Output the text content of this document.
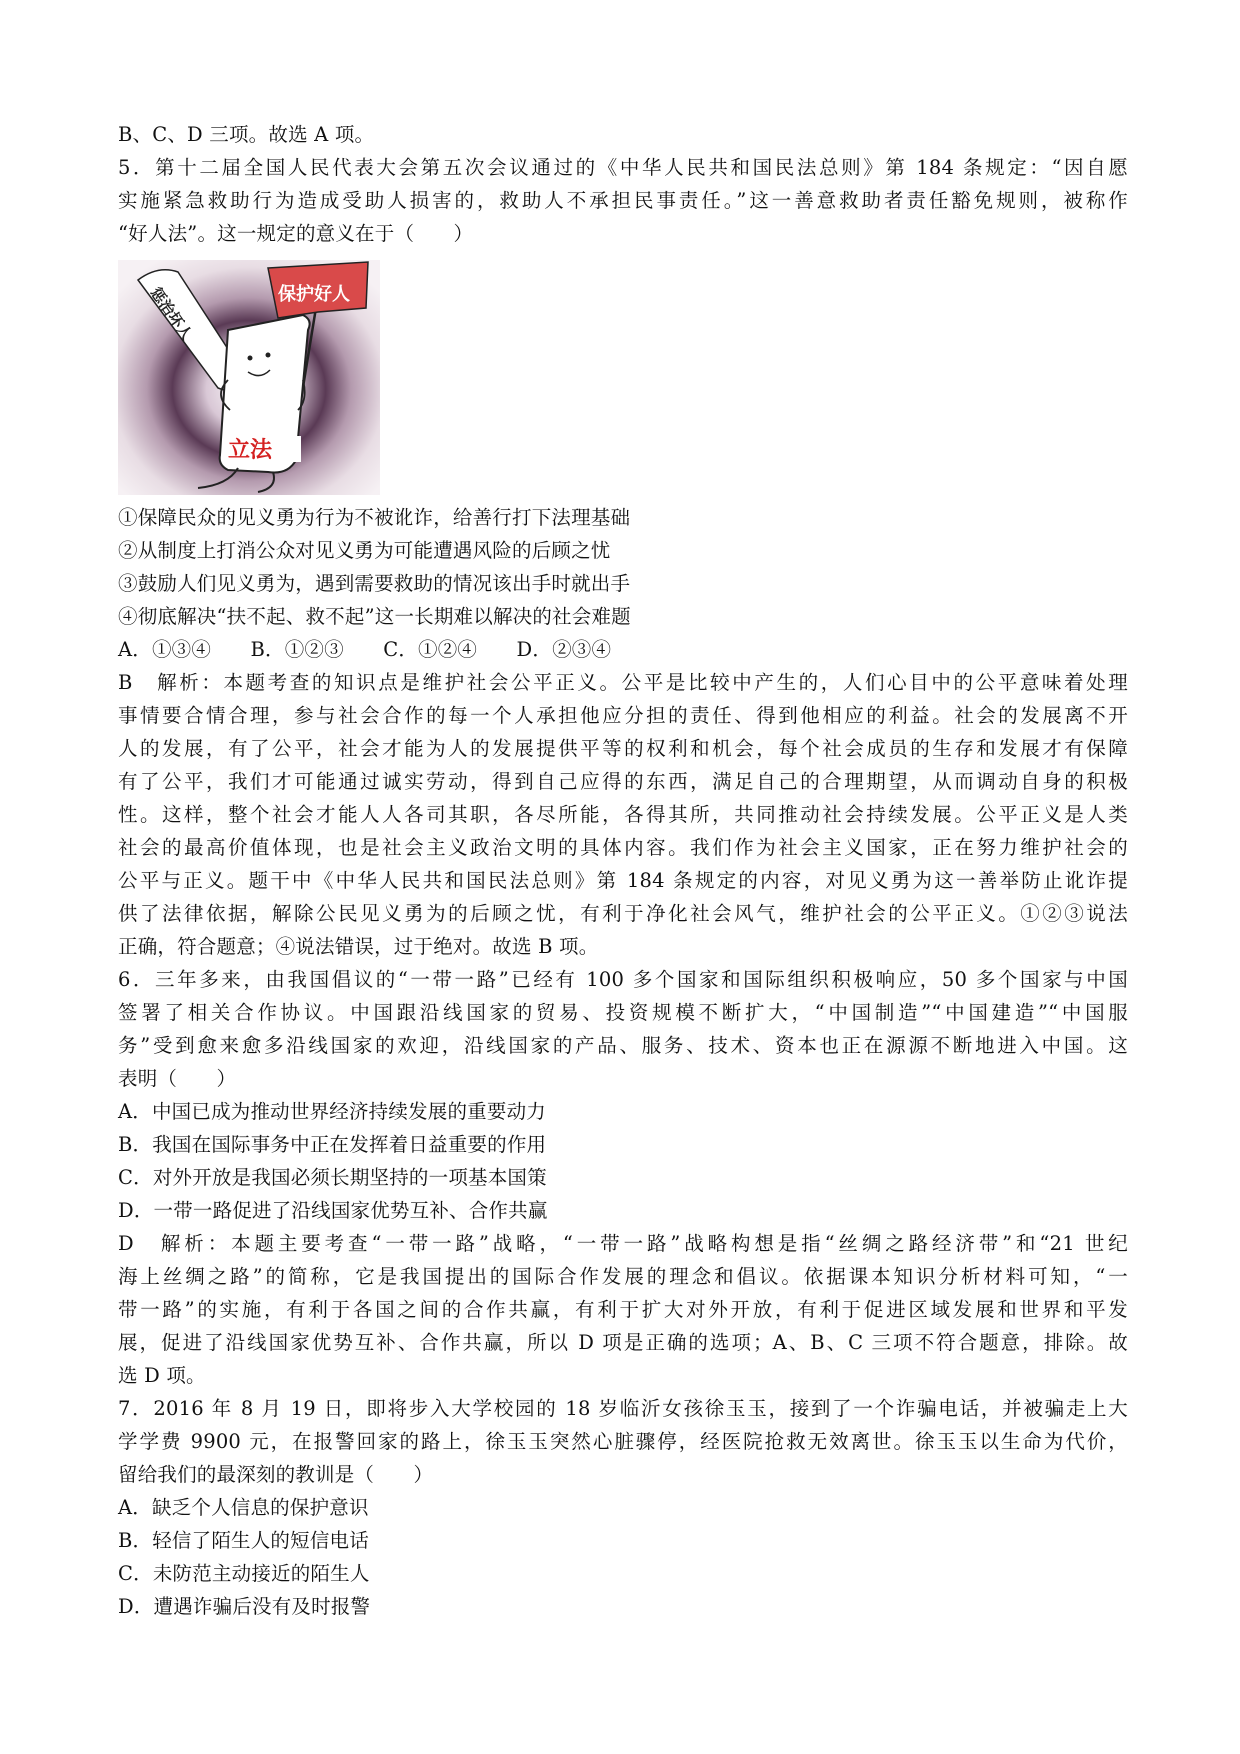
B、C、D 三项。故选 A 项。
5．第十二届全国人民代表大会第五次会议通过的《中华人民共和国民法总则》第 184 条规定：“因自愿
实施紧急救助行为造成受助人损害的，救助人不承担民事责任。”这一善意救助者责任豁免规则，被称作
“好人法”。这一规定的意义在于（　　）
保护好人
惩治坏人
立法
①保障民众的见义勇为行为不被讹诈，给善行打下法理基础
②从制度上打消公众对见义勇为可能遭遇风险的后顾之忧
③鼓励人们见义勇为，遇到需要救助的情况该出手时就出手
④彻底解决“扶不起、救不起”这一长期难以解决的社会难题
A．①③④　　B．①②③　　C．①②④　　D．②③④
B　解析：本题考查的知识点是维护社会公平正义。公平是比较中产生的，人们心目中的公平意味着处理
事情要合情合理，参与社会合作的每一个人承担他应分担的责任、得到他相应的利益。社会的发展离不开
人的发展，有了公平，社会才能为人的发展提供平等的权利和机会，每个社会成员的生存和发展才有保障
有了公平，我们才可能通过诚实劳动，得到自己应得的东西，满足自己的合理期望，从而调动自身的积极
性。这样，整个社会才能人人各司其职，各尽所能，各得其所，共同推动社会持续发展。公平正义是人类
社会的最高价值体现，也是社会主义政治文明的具体内容。我们作为社会主义国家，正在努力维护社会的
公平与正义。题干中《中华人民共和国民法总则》第 184 条规定的内容，对见义勇为这一善举防止讹诈提
供了法律依据，解除公民见义勇为的后顾之忧，有利于净化社会风气，维护社会的公平正义。①②③说法
正确，符合题意；④说法错误，过于绝对。故选 B 项。
6．三年多来，由我国倡议的“一带一路”已经有 100 多个国家和国际组织积极响应，50 多个国家与中国
签署了相关合作协议。中国跟沿线国家的贸易、投资规模不断扩大，“中国制造”“中国建造”“中国服
务”受到愈来愈多沿线国家的欢迎，沿线国家的产品、服务、技术、资本也正在源源不断地进入中国。这
表明（　　）
A．中国已成为推动世界经济持续发展的重要动力
B．我国在国际事务中正在发挥着日益重要的作用
C．对外开放是我国必须长期坚持的一项基本国策
D．一带一路促进了沿线国家优势互补、合作共赢
D　解析：本题主要考查“一带一路”战略，“一带一路”战略构想是指“丝绸之路经济带”和“21 世纪
海上丝绸之路”的简称，它是我国提出的国际合作发展的理念和倡议。依据课本知识分析材料可知，“一
带一路”的实施，有利于各国之间的合作共赢，有利于扩大对外开放，有利于促进区域发展和世界和平发
展，促进了沿线国家优势互补、合作共赢，所以 D 项是正确的选项；A、B、C 三项不符合题意，排除。故
选 D 项。
7．2016 年 8 月 19 日，即将步入大学校园的 18 岁临沂女孩徐玉玉，接到了一个诈骗电话，并被骗走上大
学学费 9900 元，在报警回家的路上，徐玉玉突然心脏骤停，经医院抢救无效离世。徐玉玉以生命为代价，
留给我们的最深刻的教训是（　　）
A．缺乏个人信息的保护意识
B．轻信了陌生人的短信电话
C．未防范主动接近的陌生人
D．遭遇诈骗后没有及时报警
